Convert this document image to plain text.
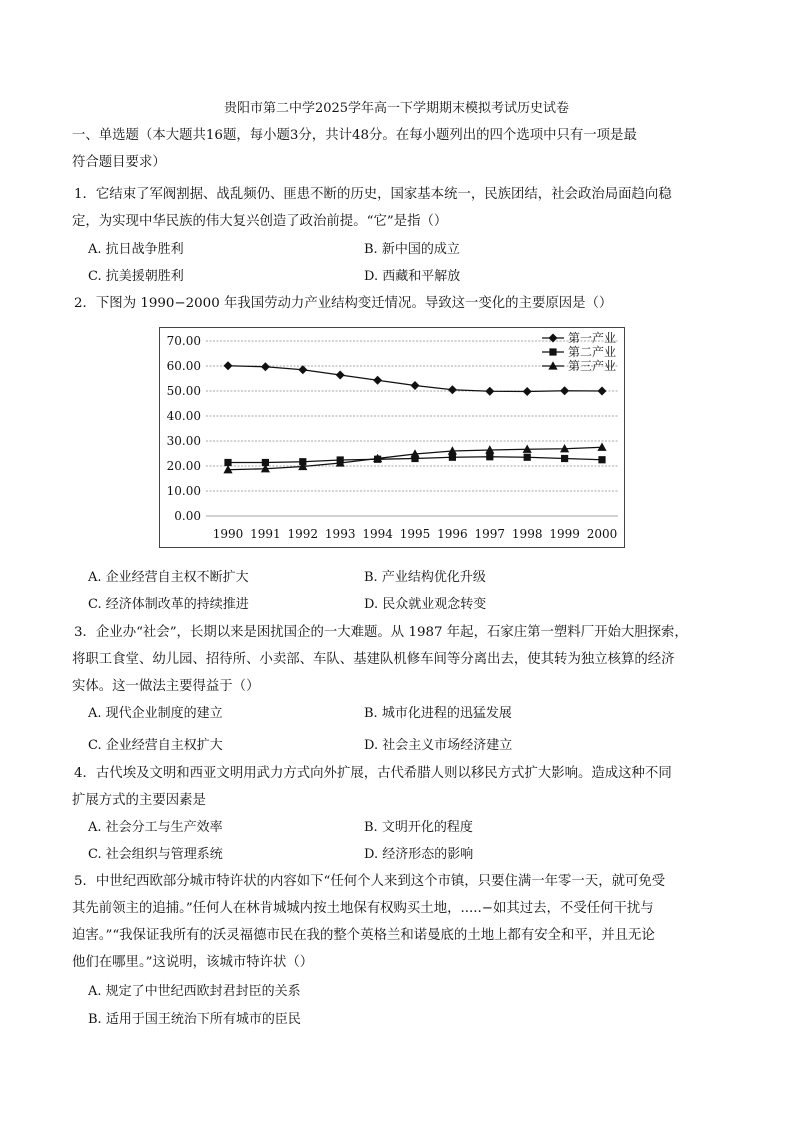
贵阳市第二中学2025学年高一下学期期末模拟考试历史试卷
一、单选题（本大题共16题，每小题3分，共计48分。在每小题列出的四个选项中只有一项是最
符合题目要求）
1．它结束了军阀割据、战乱频仍、匪患不断的历史，国家基本统一，民族团结，社会政治局面趋向稳
定，为实现中华民族的伟大复兴创造了政治前提。“它”是指（）
A. 抗日战争胜利	B. 新中国的成立
C. 抗美援朝胜利	D. 西藏和平解放
2．下图为 1990−2000 年我国劳动力产业结构变迁情况。导致这一变化的主要原因是（）
70.00
60.00
50.00
40.00
30.00
20.00
10.00
0.00
1990 1991 1992 1993 1994 1995 1996 1997 1998 1999 2000
第一产业
第二产业
第三产业
A. 企业经营自主权不断扩大	B. 产业结构优化升级
C. 经济体制改革的持续推进	D. 民众就业观念转变
3．企业办“社会”，长期以来是困扰国企的一大难题。从 1987 年起，石家庄第一塑料厂开始大胆探索，
将职工食堂、幼儿园、招待所、小卖部、车队、基建队机修车间等分离出去，使其转为独立核算的经济
实体。这一做法主要得益于（）
A. 现代企业制度的建立	B. 城市化进程的迅猛发展
C. 企业经营自主权扩大	D. 社会主义市场经济建立
4．古代埃及文明和西亚文明用武力方式向外扩展，古代希腊人则以移民方式扩大影响。造成这种不同
扩展方式的主要因素是
A. 社会分工与生产效率	B. 文明开化的程度
C. 社会组织与管理系统	D. 经济形态的影响
5．中世纪西欧部分城市特许状的内容如下“任何个人来到这个市镇，只要住满一年零一天，就可免受
其先前领主的追捕。”任何人在林肯城城内按土地保有权购买土地，.....−如其过去，不受任何干扰与
迫害。”“我保证我所有的沃灵福德市民在我的整个英格兰和诺曼底的土地上都有安全和平，并且无论
他们在哪里。”这说明，该城市特许状（）
A. 规定了中世纪西欧封君封臣的关系
B. 适用于国王统治下所有城市的臣民
